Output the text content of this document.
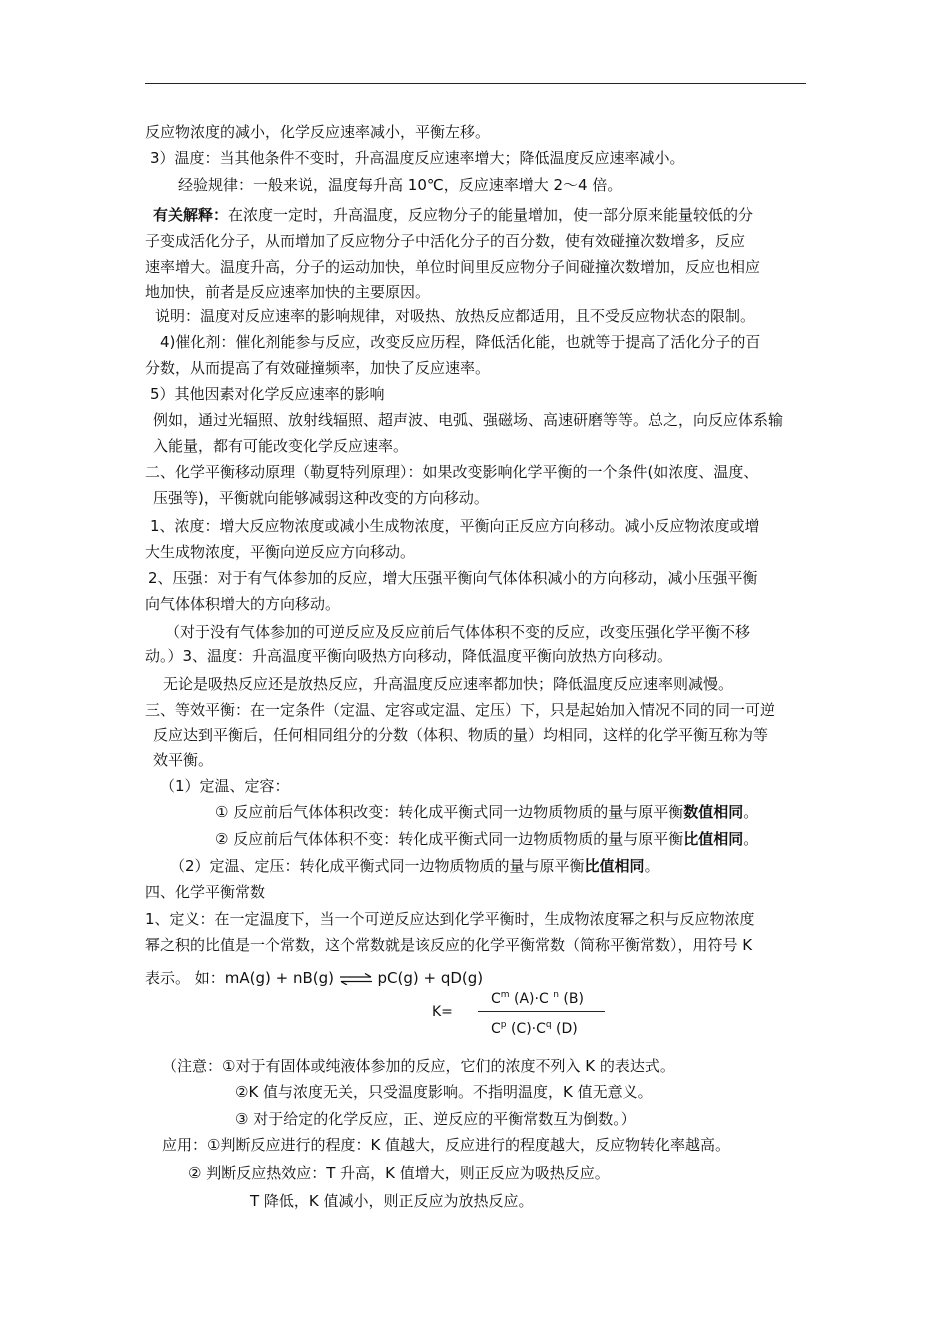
反应物浓度的减小，化学反应速率减小，平衡左移。
3）温度：当其他条件不变时，升高温度反应速率增大；降低温度反应速率减小。
经验规律：一般来说，温度每升高 10℃，反应速率增大 2～4 倍。
有关解释：在浓度一定时，升高温度，反应物分子的能量增加，使一部分原来能量较低的分
子变成活化分子，从而增加了反应物分子中活化分子的百分数，使有效碰撞次数增多，反应
速率增大。温度升高，分子的运动加快，单位时间里反应物分子间碰撞次数增加，反应也相应
地加快，前者是反应速率加快的主要原因。
说明：温度对反应速率的影响规律，对吸热、放热反应都适用，且不受反应物状态的限制。
4)催化剂：催化剂能参与反应，改变反应历程，降低活化能，也就等于提高了活化分子的百
分数，从而提高了有效碰撞频率，加快了反应速率。
5）其他因素对化学反应速率的影响
例如，通过光辐照、放射线辐照、超声波、电弧、强磁场、高速研磨等等。总之，向反应体系输
入能量，都有可能改变化学反应速率。
二、化学平衡移动原理（勒夏特列原理）：如果改变影响化学平衡的一个条件(如浓度、温度、
压强等)，平衡就向能够减弱这种改变的方向移动。
1、浓度：增大反应物浓度或减小生成物浓度，平衡向正反应方向移动。减小反应物浓度或增
大生成物浓度，平衡向逆反应方向移动。
2、压强：对于有气体参加的反应，增大压强平衡向气体体积减小的方向移动，减小压强平衡
向气体体积增大的方向移动。
（对于没有气体参加的可逆反应及反应前后气体体积不变的反应，改变压强化学平衡不移
动。）3、温度：升高温度平衡向吸热方向移动，降低温度平衡向放热方向移动。
无论是吸热反应还是放热反应，升高温度反应速率都加快；降低温度反应速率则减慢。
三、等效平衡：在一定条件（定温、定容或定温、定压）下，只是起始加入情况不同的同一可逆
反应达到平衡后，任何相同组分的分数（体积、物质的量）均相同，这样的化学平衡互称为等
效平衡。
（1）定温、定容：
① 反应前后气体体积改变：转化成平衡式同一边物质物质的量与原平衡数值相同。
② 反应前后气体体积不变：转化成平衡式同一边物质物质的量与原平衡比值相同。
（2）定温、定压：转化成平衡式同一边物质物质的量与原平衡比值相同。
四、化学平衡常数
1、定义：在一定温度下，当一个可逆反应达到化学平衡时，生成物浓度幂之积与反应物浓度
幂之积的比值是一个常数，这个常数就是该反应的化学平衡常数（简称平衡常数），用符号 K
表示。 如：mA(g) + nB(g) ⇌ pC(g) + qD(g)
$C^m$ (A)·C $^n$ (B)
K=
$C^p$ $(C)\cdot C^q$ (D)
（注意：①对于有固体或纯液体参加的反应，它们的浓度不列入 K 的表达式。
②K 值与浓度无关，只受温度影响。不指明温度，K 值无意义。
③ 对于给定的化学反应，正、逆反应的平衡常数互为倒数。）
应用：①判断反应进行的程度：K 值越大，反应进行的程度越大，反应物转化率越高。
② 判断反应热效应：T 升高，K 值增大，则正反应为吸热反应。
T 降低，K 值减小，则正反应为放热反应。
